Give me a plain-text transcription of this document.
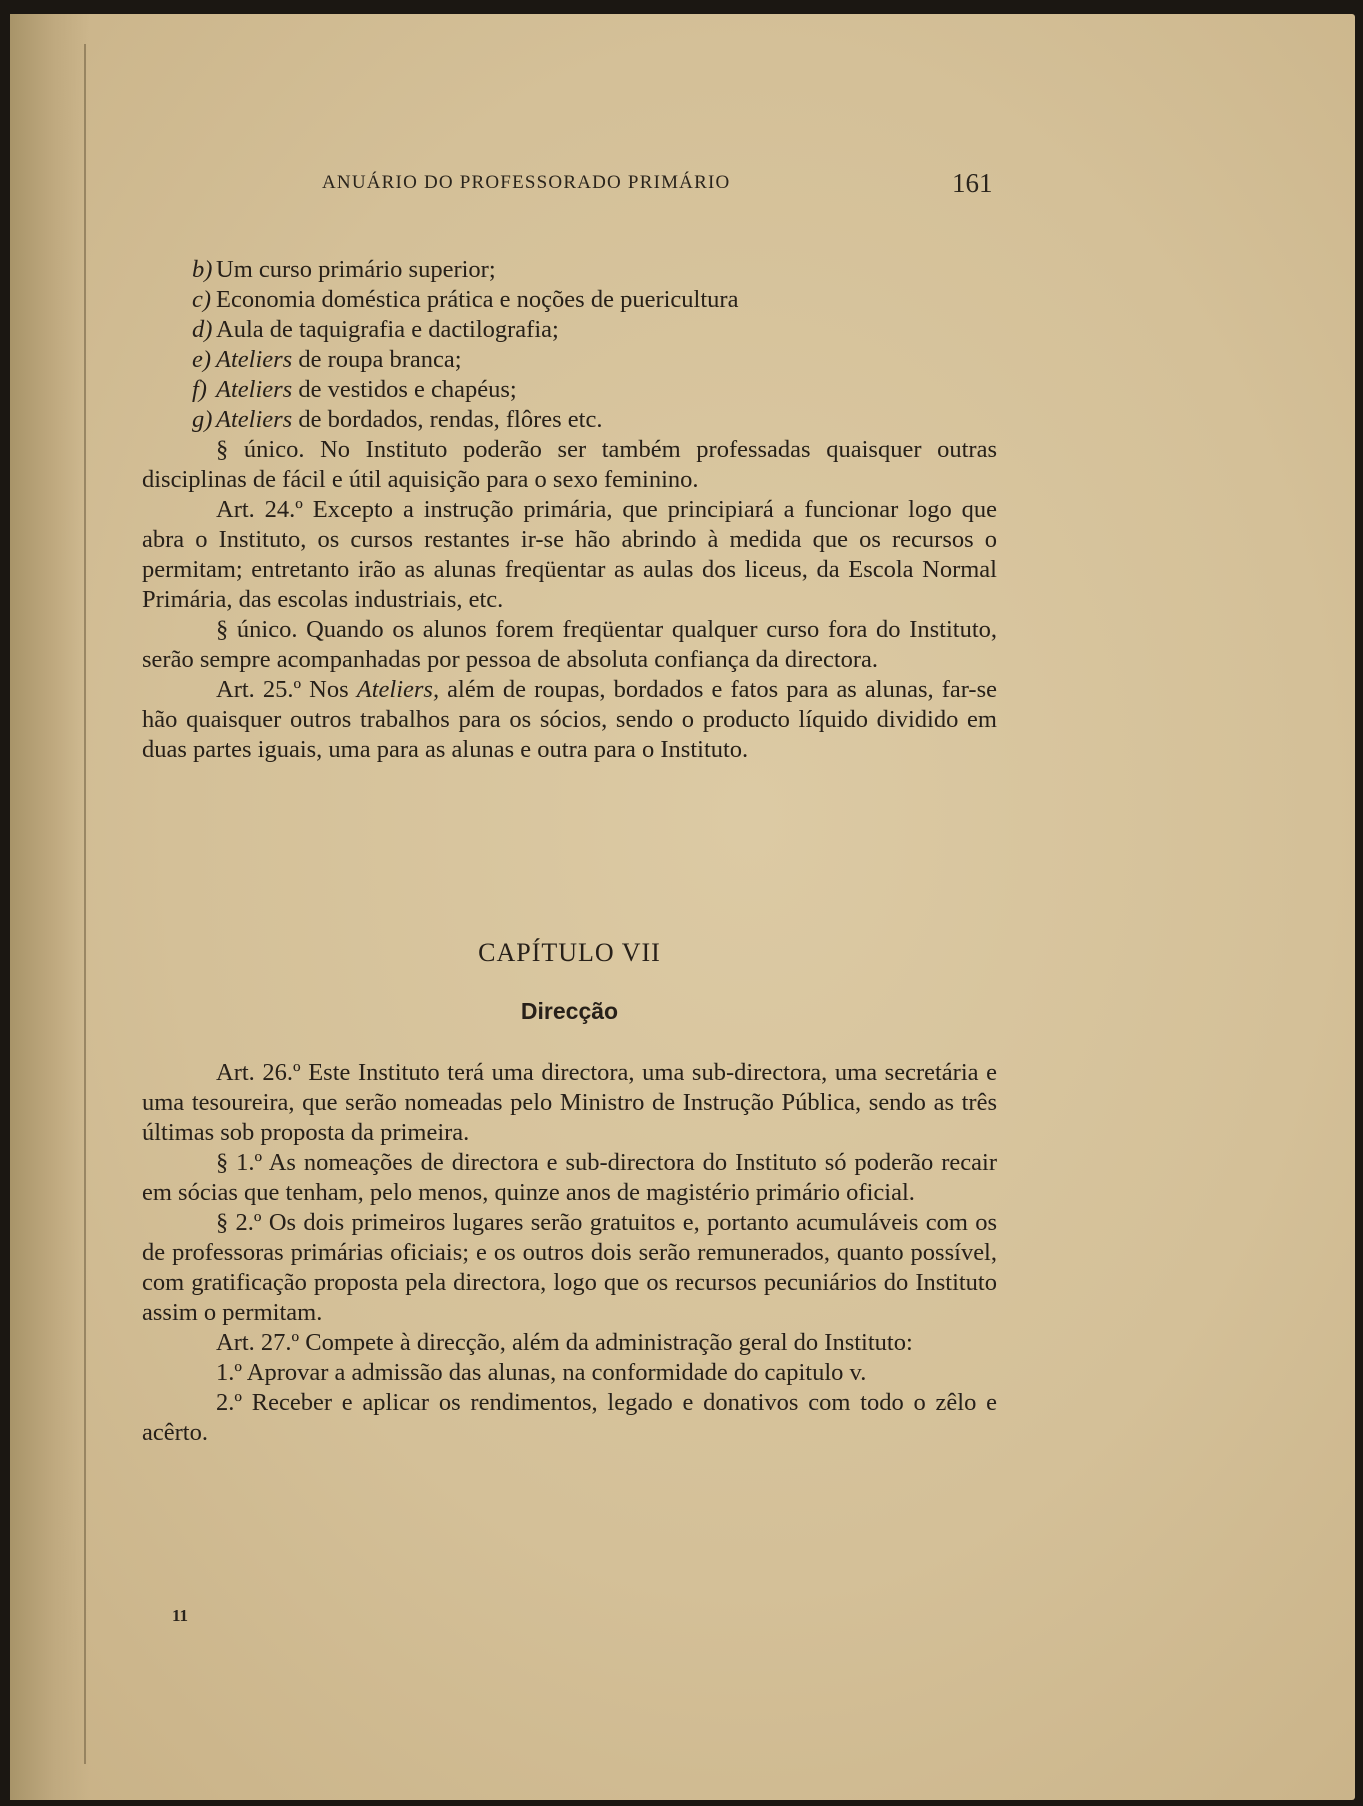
ANUÁRIO DO PROFESSORADO PRIMÁRIO	161

b) Um curso primário superior;

c) Economia doméstica prática e noções de puericultura

d) Aula de taquigrafia e dactilografia;

e) Ateliers de roupa branca;

f) Ateliers de vestidos e chapéus;

g) Ateliers de bordados, rendas, flôres etc.

§ único. No Instituto poderão ser também professadas quaisquer outras disciplinas de fácil e útil aquisição para o sexo feminino.

Art. 24.º Excepto a instrução primária, que principiará a funcionar logo que abra o Instituto, os cursos restantes ir-se hão abrindo à medida que os recursos o permitam; entretanto irão as alunas freqüentar as aulas dos liceus, da Escola Normal Primária, das escolas industriais, etc.

§ único. Quando os alunos forem freqüentar qualquer curso fora do Instituto, serão sempre acompanhadas por pessoa de absoluta confiança da directora.

Art. 25.º Nos Ateliers, além de roupas, bordados e fatos para as alunas, far-se hão quaisquer outros trabalhos para os sócios, sendo o producto líquido dividido em duas partes iguais, uma para as alunas e outra para o Instituto.

CAPÍTULO VII
Direcção

Art. 26.º Este Instituto terá uma directora, uma sub-directora, uma secretária e uma tesoureira, que serão nomeadas pelo Ministro de Instrução Pública, sendo as três últimas sob proposta da primeira.

§ 1.º As nomeações de directora e sub-directora do Instituto só poderão recair em sócias que tenham, pelo menos, quinze anos de magistério primário oficial.

§ 2.º Os dois primeiros lugares serão gratuitos e, portanto acumuláveis com os de professoras primárias oficiais; e os outros dois serão remunerados, quanto possível, com gratificação proposta pela directora, logo que os recursos pecuniários do Instituto assim o permitam.

Art. 27.º Compete à direcção, além da administração geral do Instituto:

1.º Aprovar a admissão das alunas, na conformidade do capitulo v.

2.º Receber e aplicar os rendimentos, legado e donativos com todo o zêlo e acêrto.

11
